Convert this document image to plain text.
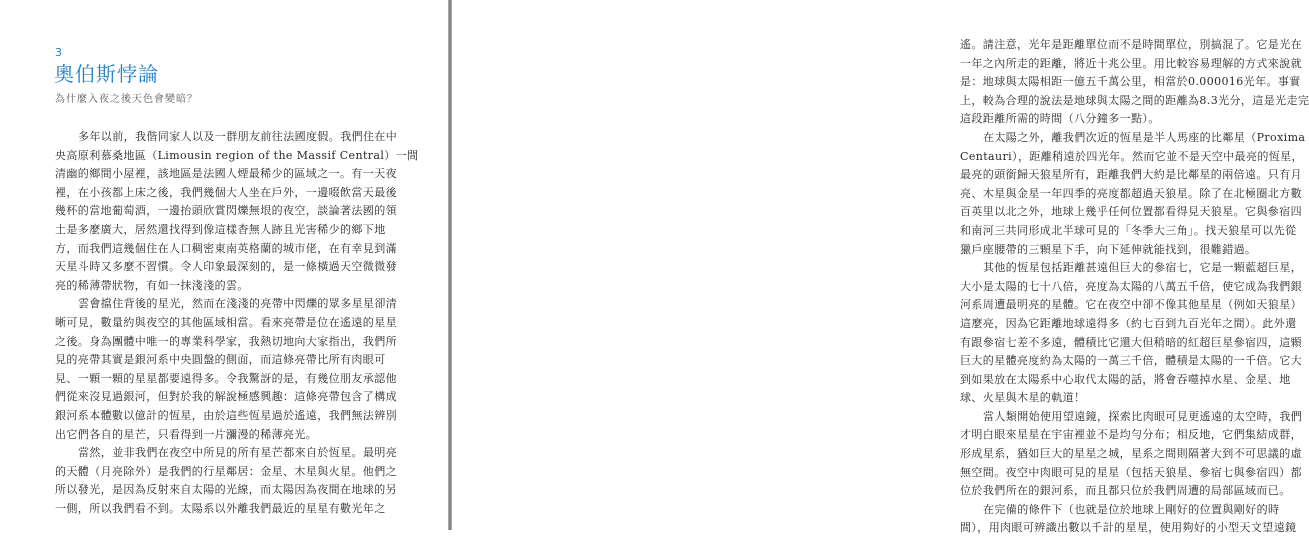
3
奧伯斯悖論
為什麼入夜之後天色會變暗？
多年以前，我偕同家人以及一群朋友前往法國度假。我們住在中
央高原利慕桑地區（Limousin region of the Massif Central）一間
清幽的鄉間小屋裡，該地區是法國人煙最稀少的區域之一。有一天夜
裡，在小孩都上床之後，我們幾個大人坐在戶外，一邊啜飲當天最後
幾杯的當地葡萄酒，一邊抬頭欣賞閃爍無垠的夜空，談論著法國的領
土是多麼廣大，居然還找得到像這樣杳無人跡且光害稀少的鄉下地
方，而我們這幾個住在人口稠密東南英格蘭的城市佬，在有幸見到滿
天星斗時又多麼不習慣。令人印象最深刻的，是一條橫過天空微微發
亮的稀薄帶狀物，有如一抹淺淺的雲。
雲會擋住背後的星光，然而在淺淺的亮帶中閃爍的眾多星星卻清
晰可見，數量約與夜空的其他區域相當。看來亮帶是位在遙遠的星星
之後。身為團體中唯一的專業科學家，我熱切地向大家指出，我們所
見的亮帶其實是銀河系中央圓盤的側面，而這條亮帶比所有肉眼可
見、一顆一顆的星星都要遠得多。令我驚訝的是，有幾位朋友承認他
們從來沒見過銀河，但對於我的解說極感興趣：這條亮帶包含了構成
銀河系本體數以億計的恆星，由於這些恆星過於遙遠，我們無法辨別
出它們各自的星芒，只看得到一片瀰漫的稀薄亮光。
當然，並非我們在夜空中所見的所有星芒都來自於恆星。最明亮
的天體（月亮除外）是我們的行星鄰居：金星、木星與火星。他們之
所以發光，是因為反射來自太陽的光線，而太陽因為夜間在地球的另
一側，所以我們看不到。太陽系以外離我們最近的星星有數光年之
遙。請注意，光年是距離單位而不是時間單位，別搞混了。它是光在
一年之內所走的距離，將近十兆公里。用比較容易理解的方式來說就
是：地球與太陽相距一億五千萬公里，相當於0.000016光年。事實
上，較為合理的說法是地球與太陽之間的距離為8.3光分，這是光走完
這段距離所需的時間（八分鐘多一點）。
在太陽之外，離我們次近的恆星是半人馬座的比鄰星（Proxima
Centauri），距離稍遠於四光年。然而它並不是天空中最亮的恆星，
最亮的頭銜歸天狼星所有，距離我們大約是比鄰星的兩倍遠。只有月
亮、木星與金星一年四季的亮度都超過天狼星。除了在北極圈北方數
百英里以北之外，地球上幾乎任何位置都看得見天狼星。它與參宿四
和南河三共同形成北半球可見的「冬季大三角」。找天狼星可以先從
獵戶座腰帶的三顆星下手，向下延伸就能找到，很難錯過。
其他的恆星包括距離甚遠但巨大的參宿七，它是一顆藍超巨星，
大小是太陽的七十八倍，亮度為太陽的八萬五千倍，使它成為我們銀
河系周遭最明亮的星體。它在夜空中卻不像其他星星（例如天狼星）
這麼亮，因為它距離地球遠得多（約七百到九百光年之間）。此外還
有跟參宿七差不多遠，體積比它還大但稍暗的紅超巨星參宿四，這顆
巨大的星體亮度約為太陽的一萬三千倍，體積是太陽的一千倍。它大
到如果放在太陽系中心取代太陽的話，將會吞噬掉水星、金星、地
球、火星與木星的軌道！
當人類開始使用望遠鏡，探索比肉眼可見更遙遠的太空時，我們
才明白眼來星星在宇宙裡並不是均勻分布；相反地，它們集結成群，
形成星系，猶如巨大的星星之城，星系之間則隔著大到不可思議的虛
無空間。夜空中肉眼可見的星星（包括天狼星、參宿七與參宿四）都
位於我們所在的銀河系，而且都只位於我們周遭的局部區域而已。
在完備的條件下（也就是位於地球上剛好的位置與剛好的時
間），用肉眼可辨識出數以千計的星星，使用夠好的小型天文望遠鏡
